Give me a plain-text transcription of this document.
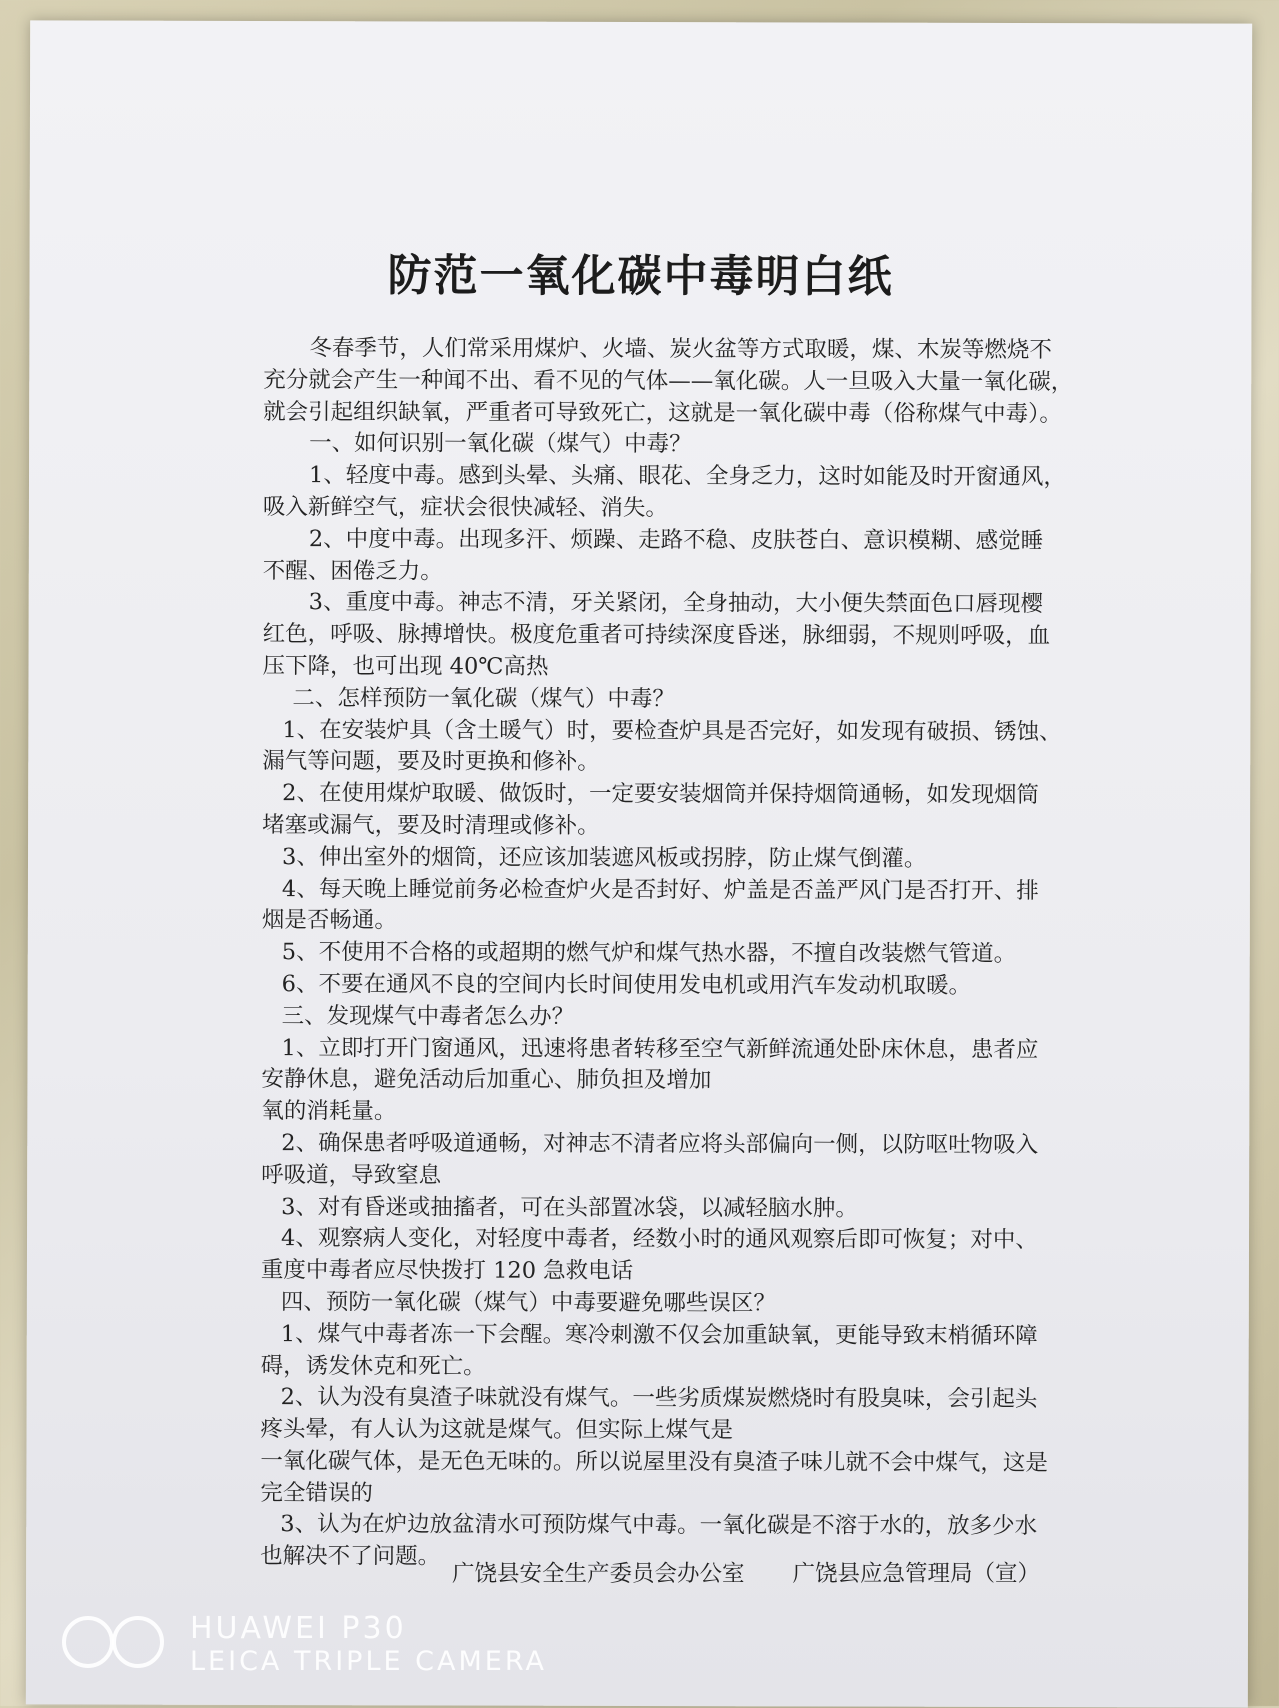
防范一氧化碳中毒明白纸

冬春季节，人们常采用煤炉、火墙、炭火盆等方式取暖，煤、木炭等燃烧不

充分就会产生一种闻不出、看不见的气体——氧化碳。人一旦吸入大量一氧化碳，

就会引起组织缺氧，严重者可导致死亡，这就是一氧化碳中毒（俗称煤气中毒）。

一、如何识别一氧化碳（煤气）中毒？

1、轻度中毒。感到头晕、头痛、眼花、全身乏力，这时如能及时开窗通风，

吸入新鲜空气，症状会很快减轻、消失。

2、中度中毒。出现多汗、烦躁、走路不稳、皮肤苍白、意识模糊、感觉睡

不醒、困倦乏力。

3、重度中毒。神志不清，牙关紧闭，全身抽动，大小便失禁面色口唇现樱

红色，呼吸、脉搏增快。极度危重者可持续深度昏迷，脉细弱，不规则呼吸，血

压下降，也可出现 40℃高热

二、怎样预防一氧化碳（煤气）中毒？

1、在安装炉具（含土暖气）时，要检查炉具是否完好，如发现有破损、锈蚀、

漏气等问题，要及时更换和修补。

2、在使用煤炉取暖、做饭时，一定要安装烟筒并保持烟筒通畅，如发现烟筒

堵塞或漏气，要及时清理或修补。

3、伸出室外的烟筒，还应该加装遮风板或拐脖，防止煤气倒灌。

4、每天晚上睡觉前务必检查炉火是否封好、炉盖是否盖严风门是否打开、排

烟是否畅通。

5、不使用不合格的或超期的燃气炉和煤气热水器，不擅自改装燃气管道。

6、不要在通风不良的空间内长时间使用发电机或用汽车发动机取暖。

三、发现煤气中毒者怎么办？

1、立即打开门窗通风，迅速将患者转移至空气新鲜流通处卧床休息，患者应

安静休息，避免活动后加重心、肺负担及增加

氧的消耗量。

2、确保患者呼吸道通畅，对神志不清者应将头部偏向一侧，以防呕吐物吸入

呼吸道，导致窒息

3、对有昏迷或抽搐者，可在头部置冰袋，以减轻脑水肿。

4、观察病人变化，对轻度中毒者，经数小时的通风观察后即可恢复；对中、

重度中毒者应尽快拨打 120 急救电话

四、预防一氧化碳（煤气）中毒要避免哪些误区？

1、煤气中毒者冻一下会醒。寒冷刺激不仅会加重缺氧，更能导致末梢循环障

碍，诱发休克和死亡。

2、认为没有臭渣子味就没有煤气。一些劣质煤炭燃烧时有股臭味，会引起头

疼头晕，有人认为这就是煤气。但实际上煤气是

一氧化碳气体，是无色无味的。所以说屋里没有臭渣子味儿就不会中煤气，这是

完全错误的

3、认为在炉边放盆清水可预防煤气中毒。一氧化碳是不溶于水的，放多少水

也解决不了问题。

广饶县安全生产委员会办公室 广饶县应急管理局（宣）
HUAWEI P30
LEICA TRIPLE CAMERA
